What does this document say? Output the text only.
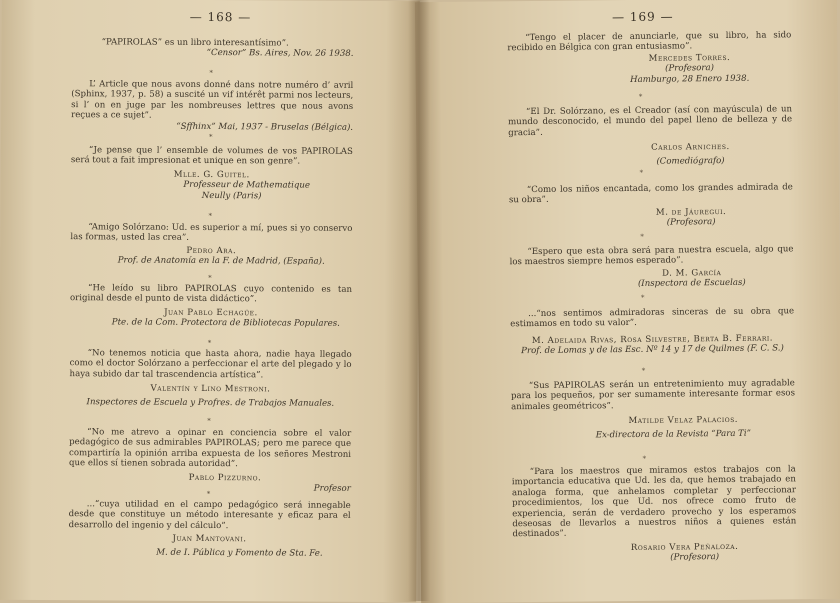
— 168 —
“PAPIROLAS” es un libro interesantísimo”.
“Censor” Bs. Aires, Nov. 26 1938.
*
L’ Article que nous avons donné dans notre numéro d’ avril (Sphinx, 1937, p. 58) a suscité un vif intérêt parmi nos lecteurs, si l’ on en juge par les nombreuses lettres que nous avons reçues a ce sujet”.
“Sffhinx” Mai, 1937 - Bruselas (Bélgica).
*
“Je pense que l’ ensemble de volumes de vos PAPIROLAS será tout a fait impresionat et unique en son genre”.
Mlle. G. Guitel.
Professeur de Mathematique
Neully (Paris)
*
“Amigo Solórzano: Ud. es superior a mí, pues si yo conservo las formas, usted las crea”.
Pedro Ara.
Prof. de Anatomía en la F. de Madrid, (España).
*
“He leído su libro PAPIROLAS cuyo contenido es tan original desde el punto de vista didáctico”.
Juan Pablo Echagüe.
Pte. de la Com. Protectora de Bibliotecas Populares.
*
“No tenemos noticia que hasta ahora, nadie haya llegado como el doctor Solórzano a perfeccionar el arte del plegado y lo haya subido dar tal trascendencia artística”.
Valentín y Lino Mestroni.
Inspectores de Escuela y Profres. de Trabajos Manuales.
*
“No me atrevo a opinar en conciencia sobre el valor pedagógico de sus admirables PAPIROLAS; pero me parece que compartiría la opinión arriba expuesta de los señores Mestroni que ellos sí tienen sobrada autoridad”.
Pablo Pizzurno.
Profesor
*
...“cuya utilidad en el campo pedagógico será innegable desde que constituye un método interesante y eficaz para el desarrollo del ingenio y del cálculo”.
Juan Mantovani.
M. de I. Pública y Fomento de Sta. Fe.
— 169 —
“Tengo el placer de anunciarle, que su libro, ha sido recibido en Bélgica con gran entusiasmo”.
Mercedes Torres.
(Profesora)
Hamburgo, 28 Enero 1938.
*
“El Dr. Solórzano, es el Creador (así con mayúscula) de un mundo desconocido, el mundo del papel lleno de belleza y de gracia”.
Carlos Arniches.
(Comediógrafo)
*
“Como los niños encantada, como los grandes admirada de su obra”.
M. de Jáuregui.
(Profesora)
*
“Espero que esta obra será para nuestra escuela, algo que los maestros siempre hemos esperado”.
D. M. García
(Inspectora de Escuelas)
*
...“nos sentimos admiradoras sinceras de su obra que estimamos en todo su valor”.
M. Adelaida Rivas, Rosa Silvestre, Berta B. Ferrari.
Prof. de Lomas y de las Esc. Nº 14 y 17 de Quilmes (F. C. S.)
*
“Sus PAPIROLAS serán un entretenimiento muy agradable para los pequeños, por ser sumamente interesante formar esos animales geométricos”.
Matilde Velaz Palacios.
Ex-directora de la Revista “Para Ti”
*
“Para los maestros que miramos estos trabajos con la importancia educativa que Ud. les da, que hemos trabajado en analoga forma, que anhelamos completar y perfeccionar procedimientos, los que Ud. nos ofrece como fruto de experiencia, serán de verdadero provecho y los esperamos deseosas de llevarlos a nuestros niños a quienes están destinados”.
Rosario Vera Peñaloza.
(Profesora)
